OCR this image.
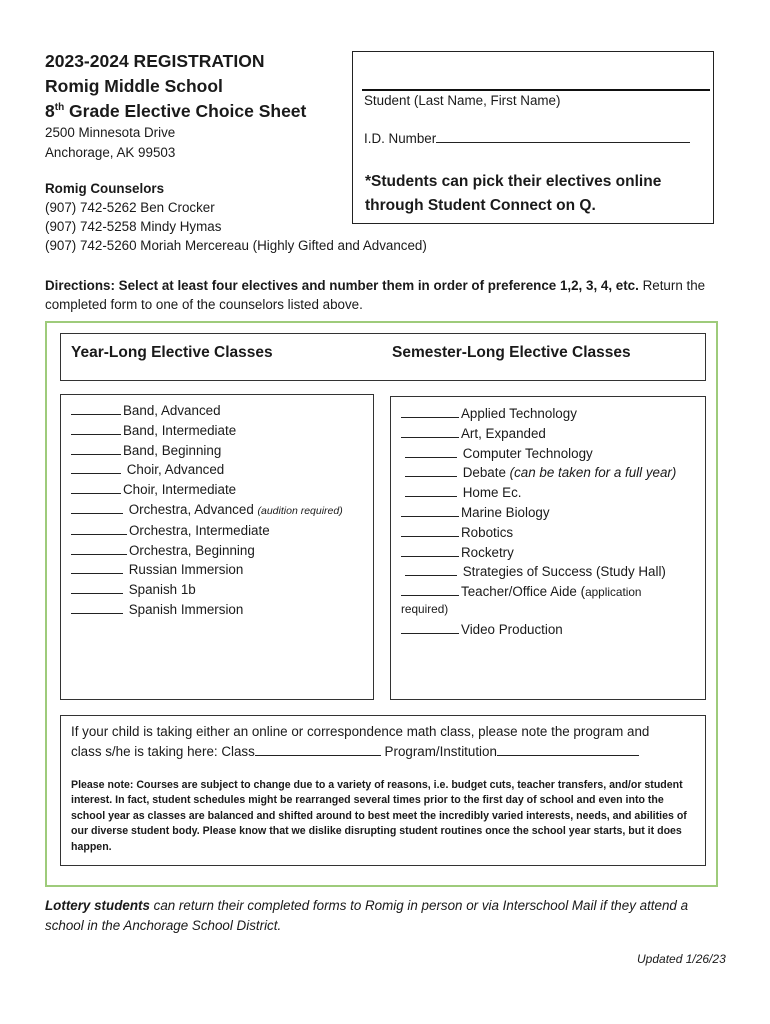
2023-2024 REGISTRATION
Romig Middle School
8th Grade Elective Choice Sheet
2500 Minnesota Drive
Anchorage, AK 99503
Romig Counselors
(907) 742-5262 Ben Crocker
(907) 742-5258 Mindy Hymas
(907) 742-5260 Moriah Mercereau (Highly Gifted and Advanced)
Student (Last Name, First Name)
I.D. Number
*Students can pick their electives online
through Student Connect on Q.
Directions: Select at least four electives and number them in order of preference 1,2, 3, 4, etc. Return the completed form to one of the counselors listed above.
Year-Long Elective Classes	Semester-Long Elective Classes
Band, Advanced
Band, Intermediate
Band, Beginning
Choir, Advanced
Choir, Intermediate
Orchestra, Advanced (audition required)
Orchestra, Intermediate
Orchestra, Beginning
Russian Immersion
Spanish 1b
Spanish Immersion
Applied Technology
Art, Expanded
Computer Technology
Debate (can be taken for a full year)
Home Ec.
Marine Biology
Robotics
Rocketry
Strategies of Success (Study Hall)
Teacher/Office Aide (application
required)
Video Production
If your child is taking either an online or correspondence math class, please note the program and
class s/he is taking here: Class	Program/Institution
Please note: Courses are subject to change due to a variety of reasons, i.e. budget cuts, teacher transfers, and/or student interest. In fact, student schedules might be rearranged several times prior to the first day of school and even into the school year as classes are balanced and shifted around to best meet the incredibly varied interests, needs, and abilities of our diverse student body. Please know that we dislike disrupting student routines once the school year starts, but it does happen.
Lottery students can return their completed forms to Romig in person or via Interschool Mail if they attend a school in the Anchorage School District.
Updated 1/26/23
